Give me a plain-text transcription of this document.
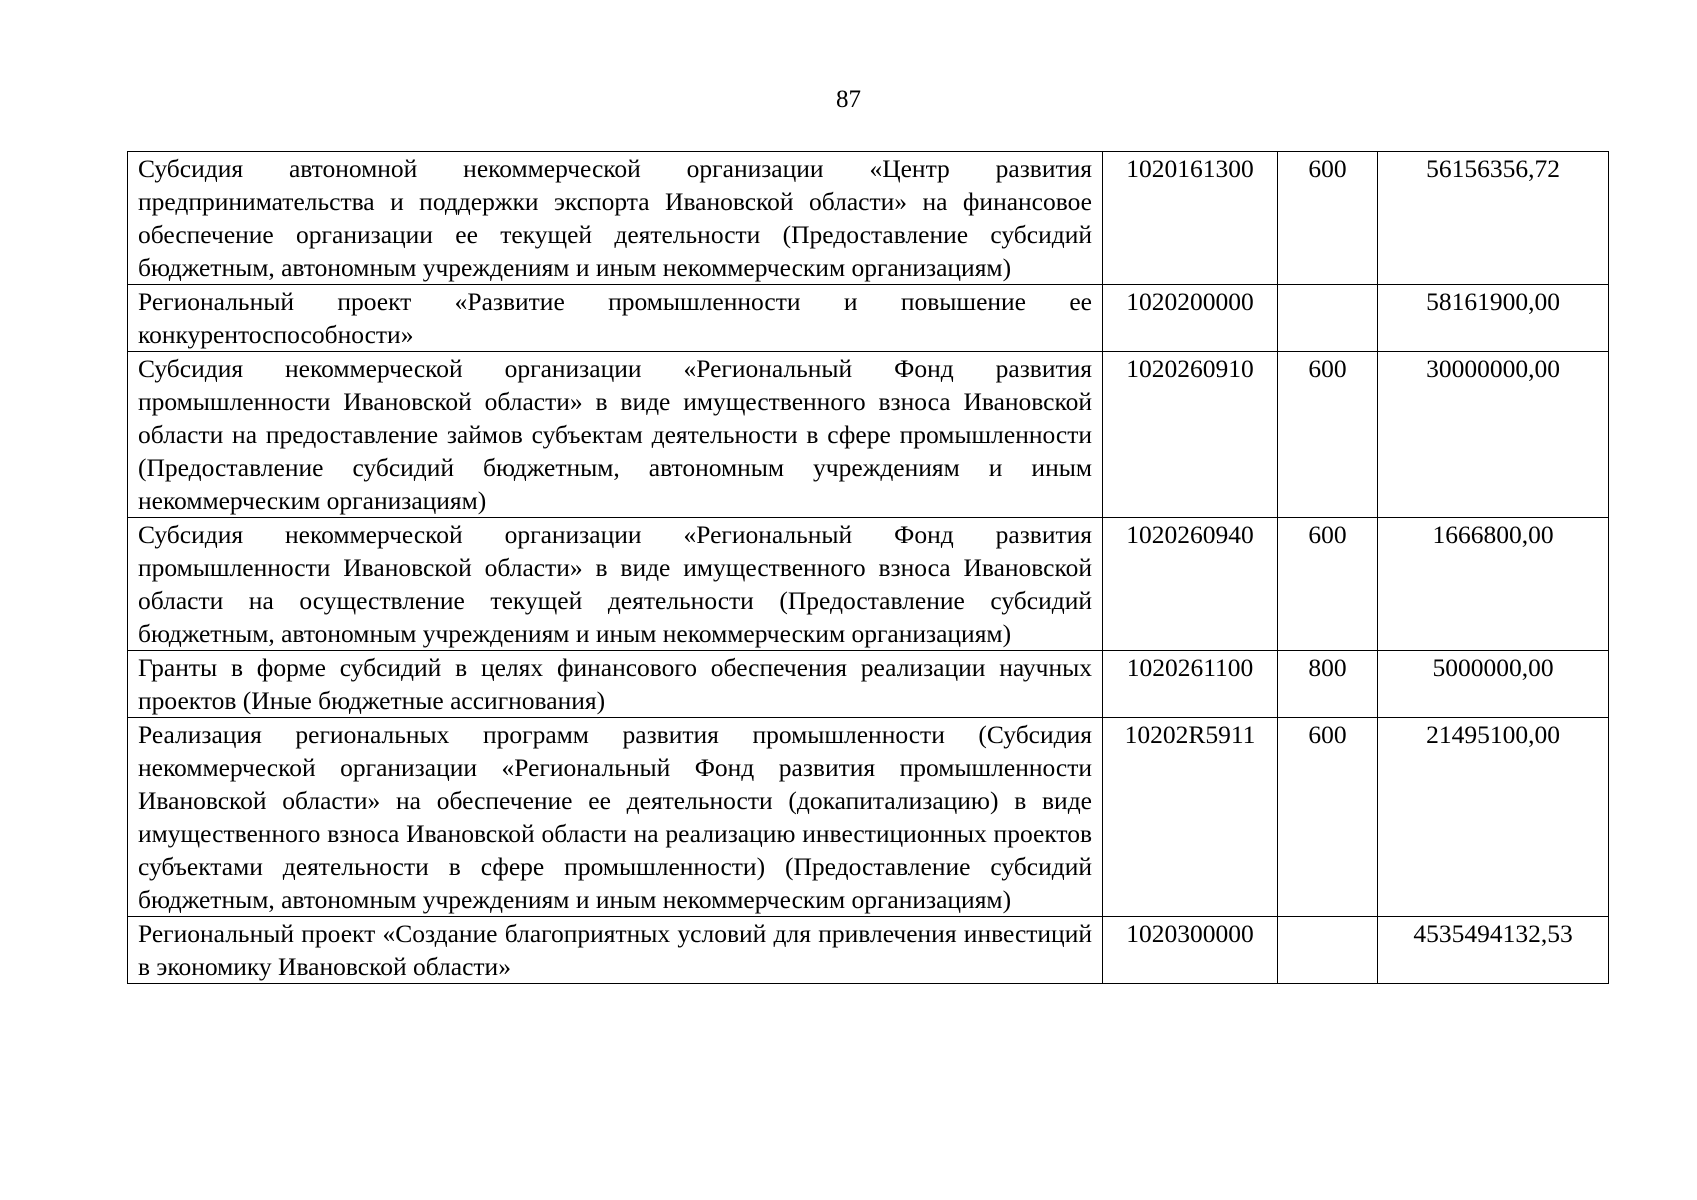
87
Субсидия автономной некоммерческой организации «Центр развития предпринимательства и поддержки экспорта Ивановской области» на финансовое обеспечение организации ее текущей деятельности (Предоставление субсидий бюджетным, автономным учреждениям и иным некоммерческим организациям)	1020161300	600	56156356,72
Региональный проект «Развитие промышленности и повышение ее конкурентоспособности»	1020200000		58161900,00
Субсидия некоммерческой организации «Региональный Фонд развития промышленности Ивановской области» в виде имущественного взноса Ивановской области на предоставление займов субъектам деятельности в сфере промышленности (Предоставление субсидий бюджетным, автономным учреждениям и иным некоммерческим организациям)	1020260910	600	30000000,00
Субсидия некоммерческой организации «Региональный Фонд развития промышленности Ивановской области» в виде имущественного взноса Ивановской области на осуществление текущей деятельности (Предоставление субсидий бюджетным, автономным учреждениям и иным некоммерческим организациям)	1020260940	600	1666800,00
Гранты в форме субсидий в целях финансового обеспечения реализации научных проектов (Иные бюджетные ассигнования)	1020261100	800	5000000,00
Реализация региональных программ развития промышленности (Субсидия некоммерческой организации «Региональный Фонд развития промышленности Ивановской области» на обеспечение ее деятельности (докапитализацию) в виде имущественного взноса Ивановской области на реализацию инвестиционных проектов субъектами деятельности в сфере промышленности) (Предоставление субсидий бюджетным, автономным учреждениям и иным некоммерческим организациям)	10202R5911	600	21495100,00
Региональный проект «Создание благоприятных условий для привлечения инвестиций в экономику Ивановской области»	1020300000		4535494132,53
